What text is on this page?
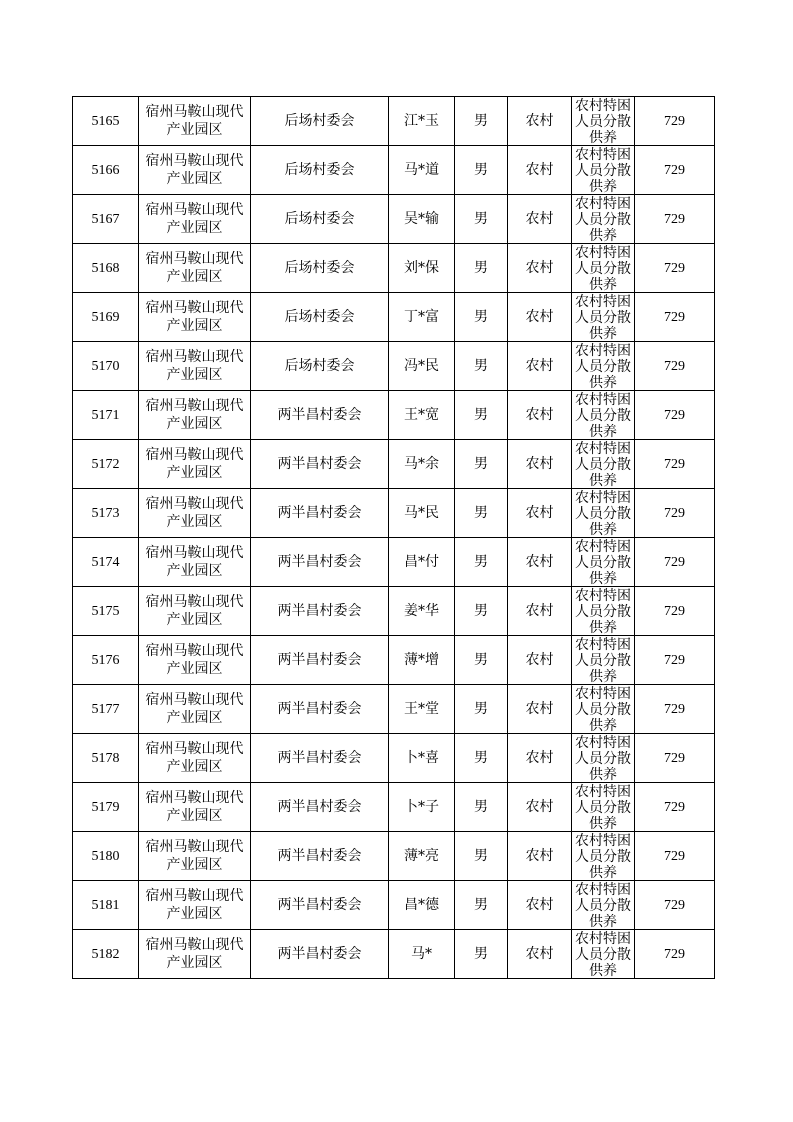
5165	宿州马鞍山现代
产业园区	后场村委会	江*玉	男	农村	农村特困
人员分散
供养	729
5166	宿州马鞍山现代
产业园区	后场村委会	马*道	男	农村	农村特困
人员分散
供养	729
5167	宿州马鞍山现代
产业园区	后场村委会	吴*输	男	农村	农村特困
人员分散
供养	729
5168	宿州马鞍山现代
产业园区	后场村委会	刘*保	男	农村	农村特困
人员分散
供养	729
5169	宿州马鞍山现代
产业园区	后场村委会	丁*富	男	农村	农村特困
人员分散
供养	729
5170	宿州马鞍山现代
产业园区	后场村委会	冯*民	男	农村	农村特困
人员分散
供养	729
5171	宿州马鞍山现代
产业园区	两半昌村委会	王*宽	男	农村	农村特困
人员分散
供养	729
5172	宿州马鞍山现代
产业园区	两半昌村委会	马*余	男	农村	农村特困
人员分散
供养	729
5173	宿州马鞍山现代
产业园区	两半昌村委会	马*民	男	农村	农村特困
人员分散
供养	729
5174	宿州马鞍山现代
产业园区	两半昌村委会	昌*付	男	农村	农村特困
人员分散
供养	729
5175	宿州马鞍山现代
产业园区	两半昌村委会	姜*华	男	农村	农村特困
人员分散
供养	729
5176	宿州马鞍山现代
产业园区	两半昌村委会	薄*增	男	农村	农村特困
人员分散
供养	729
5177	宿州马鞍山现代
产业园区	两半昌村委会	王*堂	男	农村	农村特困
人员分散
供养	729
5178	宿州马鞍山现代
产业园区	两半昌村委会	卜*喜	男	农村	农村特困
人员分散
供养	729
5179	宿州马鞍山现代
产业园区	两半昌村委会	卜*子	男	农村	农村特困
人员分散
供养	729
5180	宿州马鞍山现代
产业园区	两半昌村委会	薄*亮	男	农村	农村特困
人员分散
供养	729
5181	宿州马鞍山现代
产业园区	两半昌村委会	昌*德	男	农村	农村特困
人员分散
供养	729
5182	宿州马鞍山现代
产业园区	两半昌村委会	马*	男	农村	农村特困
人员分散
供养	729
